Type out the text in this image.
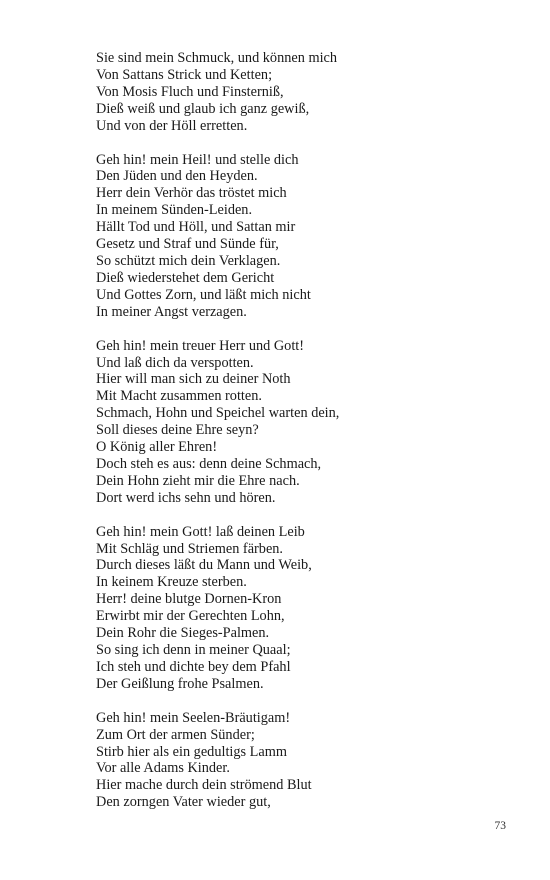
Sie sind mein Schmuck, und können mich
Von Sattans Strick und Ketten;
Von Mosis Fluch und Finsterniß,
Dieß weiß und glaub ich ganz gewiß,
Und von der Höll erretten.
Geh hin! mein Heil! und stelle dich
Den Jüden und den Heyden.
Herr dein Verhör das tröstet mich
In meinem Sünden-Leiden.
Hällt Tod und Höll, und Sattan mir
Gesetz und Straf und Sünde für,
So schützt mich dein Verklagen.
Dieß wiederstehet dem Gericht
Und Gottes Zorn, und läßt mich nicht
In meiner Angst verzagen.
Geh hin! mein treuer Herr und Gott!
Und laß dich da verspotten.
Hier will man sich zu deiner Noth
Mit Macht zusammen rotten.
Schmach, Hohn und Speichel warten dein,
Soll dieses deine Ehre seyn?
O König aller Ehren!
Doch steh es aus: denn deine Schmach,
Dein Hohn zieht mir die Ehre nach.
Dort werd ichs sehn und hören.
Geh hin! mein Gott! laß deinen Leib
Mit Schläg und Striemen färben.
Durch dieses läßt du Mann und Weib,
In keinem Kreuze sterben.
Herr! deine blutge Dornen-Kron
Erwirbt mir der Gerechten Lohn,
Dein Rohr die Sieges-Palmen.
So sing ich denn in meiner Quaal;
Ich steh und dichte bey dem Pfahl
Der Geißlung frohe Psalmen.
Geh hin! mein Seelen-Bräutigam!
Zum Ort der armen Sünder;
Stirb hier als ein gedultigs Lamm
Vor alle Adams Kinder.
Hier mache durch dein strömend Blut
Den zorngen Vater wieder gut,
73
